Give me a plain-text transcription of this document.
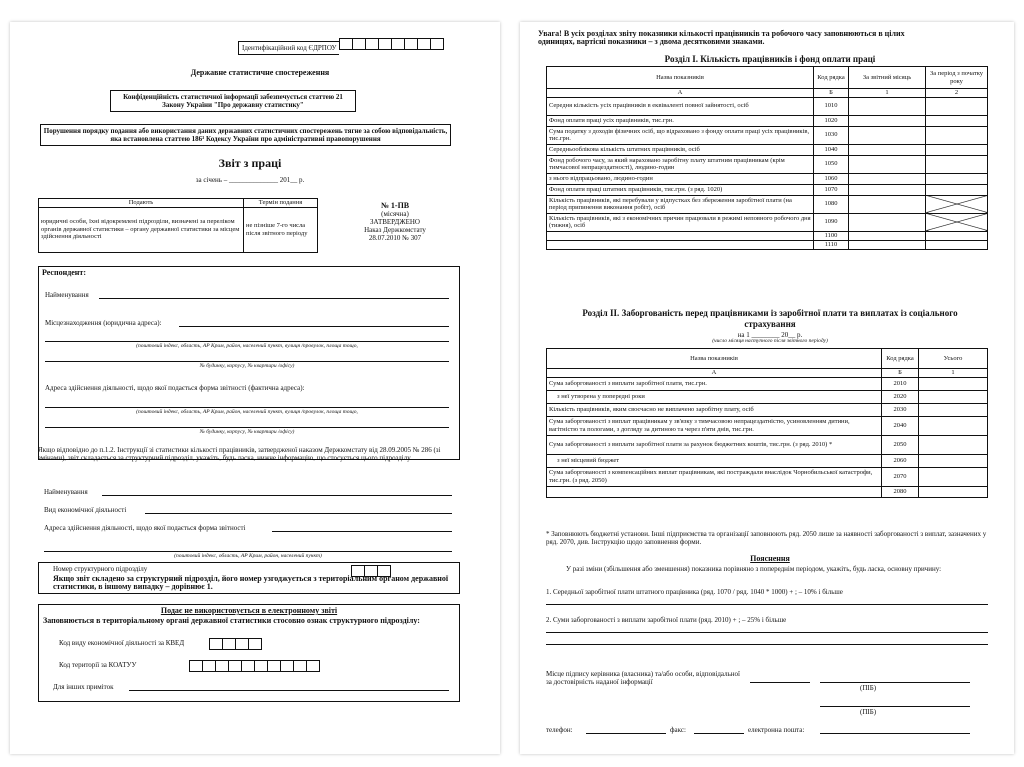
Ідентифікаційний код ЄДРПОУ
Державне статистичне спостереження
Конфіденційність статистичної інформації забезпечується статтею 21 Закону України "Про державну статистику"
Порушення порядку подання або використання даних державних статистичних спостережень тягне за собою відповідальність, яка встановлена статтею 186³ Кодексу України про адміністративні правопорушення
Звіт з праці
за січень – ______________ 201__ р.
Подають	Термін подання
юридичні особи, їхні відокремлені підрозділи, визначені за переліком органів державної статистики – органу державної статистики за місцем здійснення діяльності	не пізніше 7-го числа після звітного періоду
№ 1-ПВ
(місячна)
ЗАТВЕРДЖЕНО
Наказ Держкомстату
28.07.2010 № 307
Респондент:
Найменування
Місцезнаходження (юридична адреса):
(поштовий індекс, область, АР Крим, район, населений пункт, вулиця /провулок, площа тощо,
№ будинку, корпусу, № квартири /офісу)
Адреса здійснення діяльності, щодо якої подається форма звітності (фактична адреса):
(поштовий індекс, область, АР Крим, район, населений пункт, вулиця /провулок, площа тощо,
№ будинку, корпусу, № квартири /офісу)
Якщо відповідно до п.1.2. Інструкції зі статистики кількості працівників, затвердженої наказом Держкомстату від 28.09.2005 № 286 (зі змінами), звіт складається за структурний підрозділ, укажіть, будь ласка, нижче інформацію, що стосується цього підрозділу
Найменування
Вид економічної діяльності
Адреса здійснення діяльності, щодо якої подається форма звітності
(поштовий індекс, область, АР Крим, район, населений пункт)
Номер структурного підрозділу
Якщо звіт складено за структурний підрозділ, його номер узгоджується з територіальним органом державної статистики, в іншому випадку – дорівнює 1.
Подає не використовується в електронному звіті
Заповнюється в територіальному органі державної статистики стосовно ознак структурного підрозділу:
Код виду економічної діяльності за КВЕД
Код території за КОАТУУ
Для інших приміток
Увага! В усіх розділах звіту показники кількості працівників та робочого часу заповнюються в цілих одиницях, вартісні показники – з двома десятковими знаками.
Розділ І. Кількість працівників і фонд оплати праці
Назва показників	Код рядка	За звітний місяць	За період з початку року
А	Б	1	2
Середня кількість усіх працівників в еквіваленті повної зайнятості, осіб	1010		
Фонд оплати праці усіх працівників, тис.грн.	1020		
Сума податку з доходів фізичних осіб, що відраховано з фонду оплати праці усіх працівників, тис.грн.	1030		
Середньооблікова кількість штатних працівників, осіб	1040		
Фонд робочого часу, за який нараховано заробітну плату штатним працівникам (крім тимчасової непрацездатності), людино-годин	1050		
з нього відпрацьовано, людино-годин	1060		
Фонд оплати праці штатних працівників, тис.грн. (з ряд. 1020)	1070		
Кількість працівників, які перебували у відпустках без збереження заробітної плати (на період припинення виконання робіт), осіб	1080		
Кількість працівників, які з економічних причин працювали в режимі неповного робочого дня (тижня), осіб	1090		
	1100		
	1110		
Розділ ІІ. Заборгованість перед працівниками із заробітної плати та виплатах із соціального страхування
на 1 ________ 20__ р.
(число місяця наступного після звітного періоду)
Назва показників	Код рядка	Усього
А	Б	1
Сума заборгованості з виплати заробітної плати, тис.грн.	2010	
з неї утворена у попередні роки	2020	
Кількість працівників, яким своєчасно не виплачено заробітну плату, осіб	2030	
Сума заборгованості з виплат працівникам у зв'язку з тимчасовою непрацездатністю, усиновленням дитини, вагітністю та пологами, з догляду за дитиною та через п'яти днів, тис.грн.	2040	
Сума заборгованості з виплати заробітної плати за рахунок бюджетних коштів, тис.грн. (з ряд. 2010) *	2050	
з неї місцевий бюджет	2060	
Сума заборгованості з компенсаційних виплат працівникам, які постраждали внаслідок Чорнобильської катастрофи, тис.грн. (з ряд. 2050)	2070	
	2080	
* Заповнюють бюджетні установи. Інші підприємства та організації заповнюють ряд. 2050 лише за наявності заборгованості з виплат, зазначених у ряд. 2070, див. Інструкцію щодо заповнення форми.
Пояснення
У разі зміни (збільшення або зменшення) показника порівняно з попереднім періодом, укажіть, будь ласка, основну причину:
1. Середньої заробітної плати штатного працівника (ряд. 1070 / ряд. 1040 * 1000) + ; – 10% і більше
2. Суми заборгованості з виплати заробітної плати (ряд. 2010) + ; – 25% і більше
Місце підпису керівника (власника) та/або особи, відповідальної за достовірність наданої інформації
(ПІБ)
(ПІБ)
телефон:	факс:	електронна пошта:
